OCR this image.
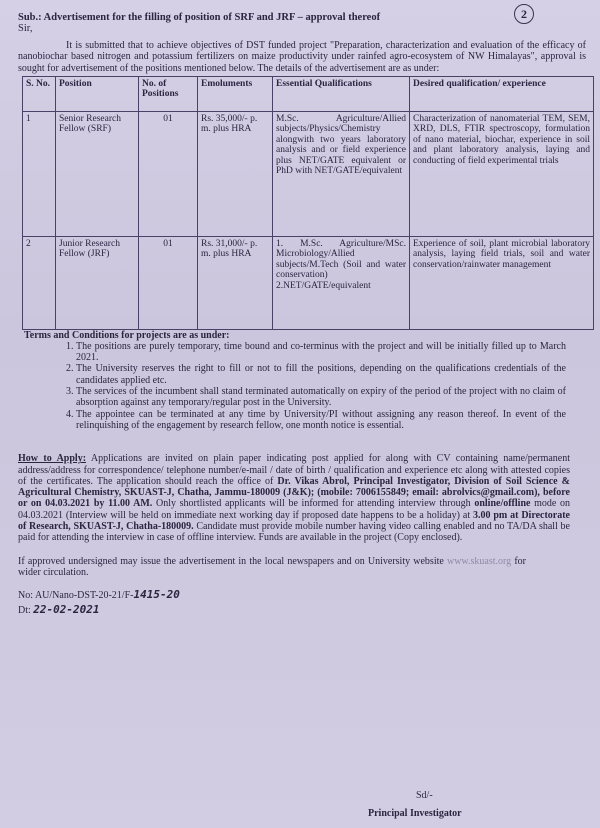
2

Sub.: Advertisement for the filling of position of SRF and JRF – approval thereof

Sir,

It is submitted that to achieve objectives of DST funded project "Preparation, characterization and evaluation of the efficacy of nanobiochar based nitrogen and potassium fertilizers on maize productivity under rainfed agro-ecosystem of NW Himalayas", approval is sought for advertisement of the positions mentioned below. The details of the advertisement are as under:

S. No.	Position	No. of Positions	Emoluments	Essential Qualifications	Desired qualification/ experience
1	Senior Research Fellow (SRF)	01	Rs. 35,000/- p. m. plus HRA	M.Sc. Agriculture/Allied subjects/Physics/Chemistry alongwith two years laboratory analysis and or field experience plus NET/GATE equivalent or PhD with NET/GATE/equivalent	Characterization of nanomaterial TEM, SEM, XRD, DLS, FTIR spectroscopy, formulation of nano material, biochar, experience in soil and plant laboratory analysis, laying and conducting of field experimental trials
2	Junior Research Fellow (JRF)	01	Rs. 31,000/- p. m. plus HRA	1. M.Sc. Agriculture/MSc. Microbiology/Allied subjects/M.Tech (Soil and water conservation) 2.NET/GATE/equivalent	Experience of soil, plant microbial laboratory analysis, laying field trials, soil and water conservation/rainwater management

Terms and Conditions for projects are as under:

1. The positions are purely temporary, time bound and co-terminus with the project and will be initially filled up to March 2021.
2. The University reserves the right to fill or not to fill the positions, depending on the qualifications credentials of the candidates applied etc.
3. The services of the incumbent shall stand terminated automatically on expiry of the period of the project with no claim of absorption against any temporary/regular post in the University.
4. The appointee can be terminated at any time by University/PI without assigning any reason thereof. In event of the relinquishing of the engagement by research fellow, one month notice is essential.

How to Apply: Applications are invited on plain paper indicating post applied for along with CV containing name/permanent address/address for correspondence/ telephone number/e-mail / date of birth / qualification and experience etc along with attested copies of the certificates. The application should reach the office of Dr. Vikas Abrol, Principal Investigator, Division of Soil Science & Agricultural Chemistry, SKUAST-J, Chatha, Jammu-180009 (J&K); (mobile: 7006155849; email: abrolvics@gmail.com), before or on 04.03.2021 by 11.00 AM. Only shortlisted applicants will be informed for attending interview through online/offline mode on 04.03.2021 (Interview will be held on immediate next working day if proposed date happens to be a holiday) at 3.00 pm at Directorate of Research, SKUAST-J, Chatha-180009. Candidate must provide mobile number having video calling enabled and no TA/DA shall be paid for attending the interview in case of offline interview. Funds are available in the project (Copy enclosed).

If approved undersigned may issue the advertisement in the local newspapers and on University website www.skuast.org for wider circulation.

No: AU/Nano-DST-20-21/F-1415-20

Dt: 22-02-2021

Sd/-
Principal Investigator
